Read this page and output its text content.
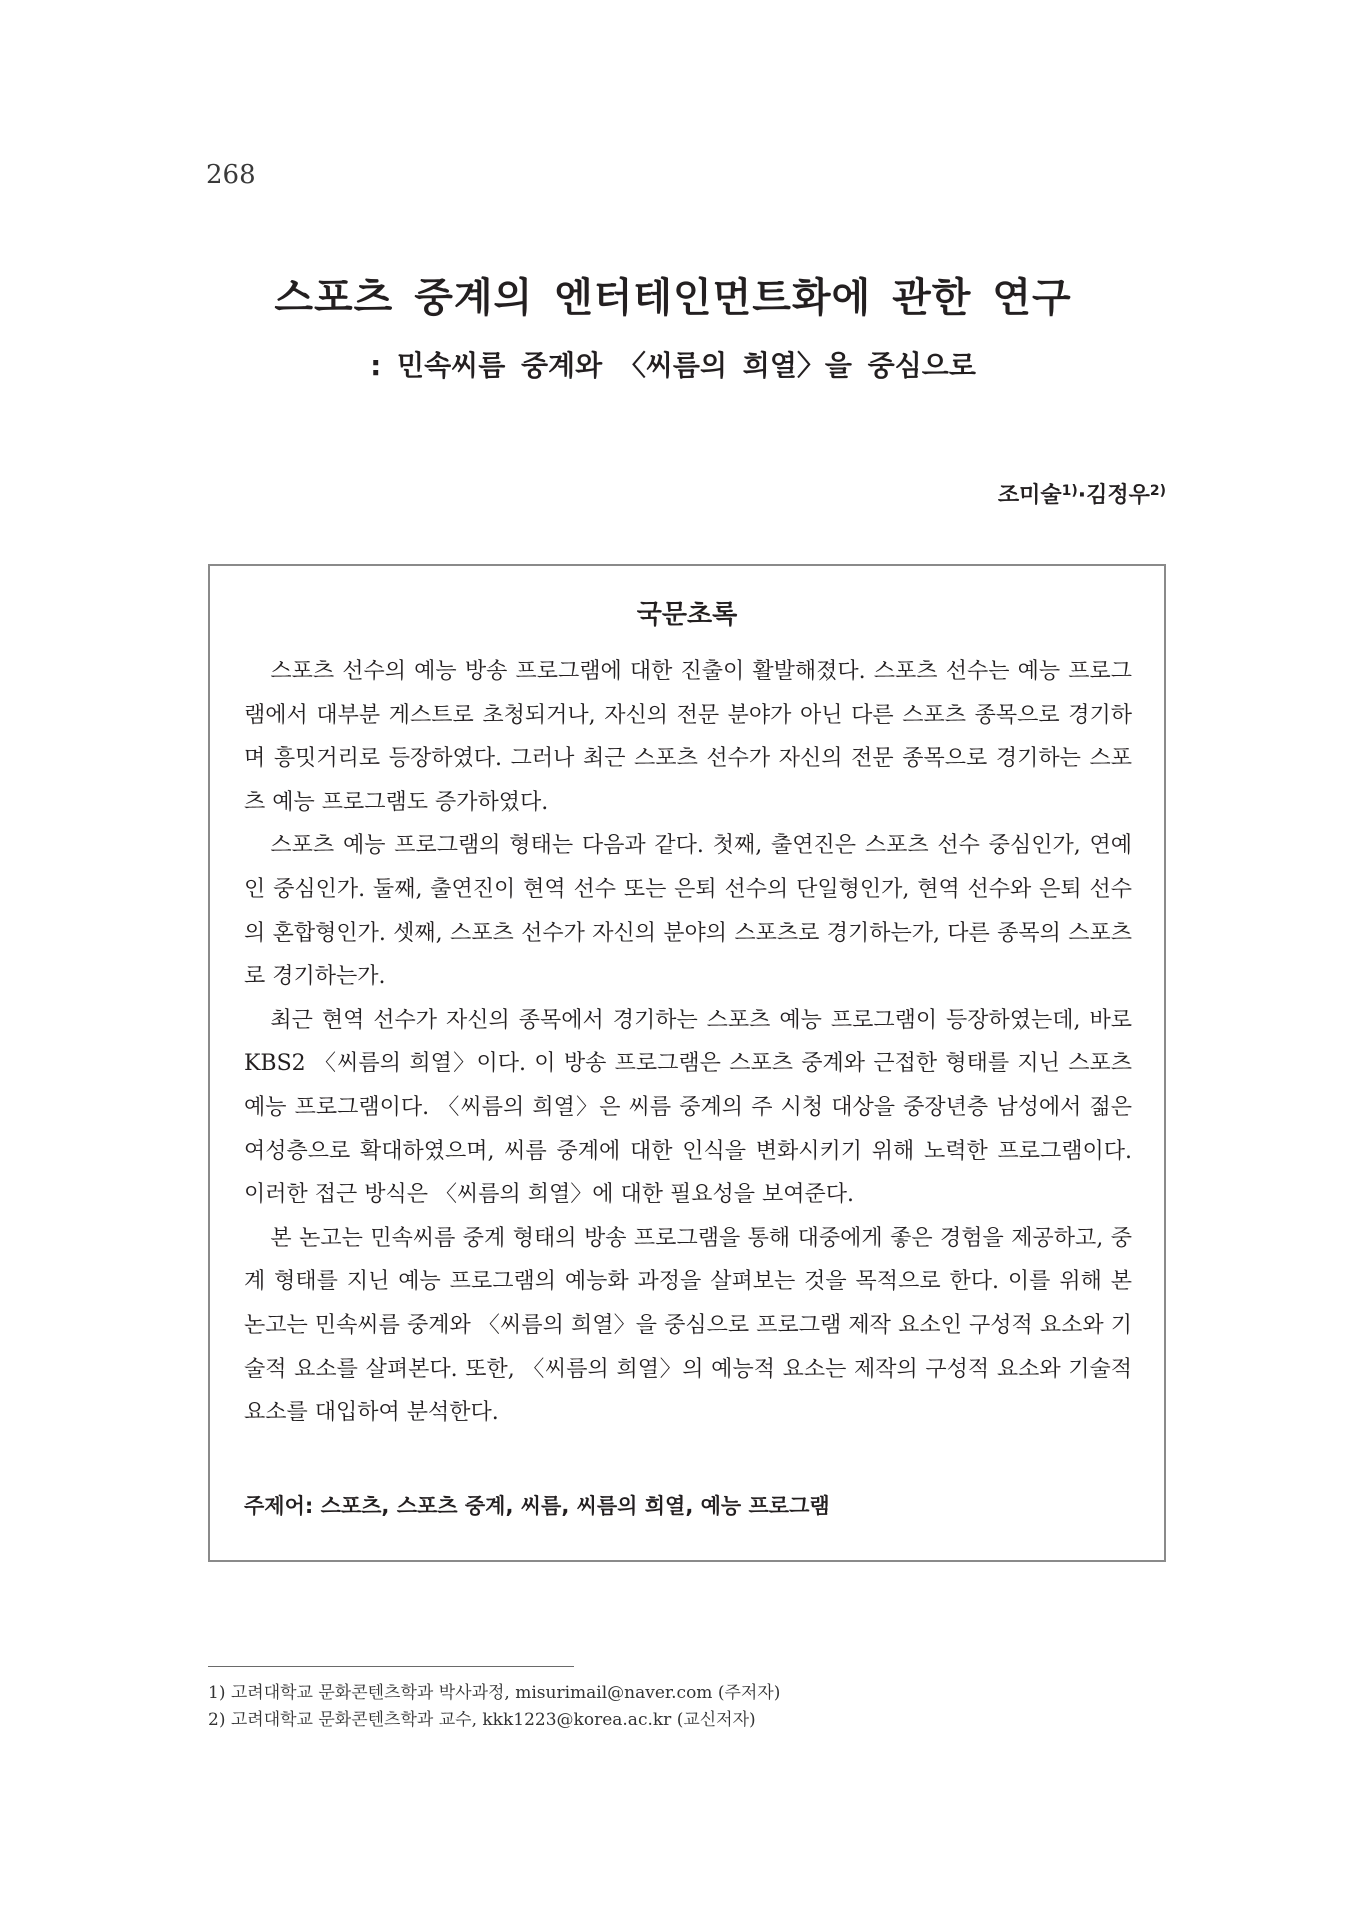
268
스포츠 중계의 엔터테인먼트화에 관한 연구
: 민속씨름 중계와 〈씨름의 희열〉을 중심으로
조미술$^{1)}$·김정우$^{2)}$
국문초록

스포츠 선수의 예능 방송 프로그램에 대한 진출이 활발해졌다. 스포츠 선수는 예능 프로그램에서 대부분 게스트로 초청되거나, 자신의 전문 분야가 아닌 다른 스포츠 종목으로 경기하며 흥밋거리로 등장하였다. 그러나 최근 스포츠 선수가 자신의 전문 종목으로 경기하는 스포츠 예능 프로그램도 증가하였다.

스포츠 예능 프로그램의 형태는 다음과 같다. 첫째, 출연진은 스포츠 선수 중심인가, 연예인 중심인가. 둘째, 출연진이 현역 선수 또는 은퇴 선수의 단일형인가, 현역 선수와 은퇴 선수의 혼합형인가. 셋째, 스포츠 선수가 자신의 분야의 스포츠로 경기하는가, 다른 종목의 스포츠로 경기하는가.

최근 현역 선수가 자신의 종목에서 경기하는 스포츠 예능 프로그램이 등장하였는데, 바로 KBS2 〈씨름의 희열〉이다. 이 방송 프로그램은 스포츠 중계와 근접한 형태를 지닌 스포츠 예능 프로그램이다. 〈씨름의 희열〉은 씨름 중계의 주 시청 대상을 중장년층 남성에서 젊은 여성층으로 확대하였으며, 씨름 중계에 대한 인식을 변화시키기 위해 노력한 프로그램이다. 이러한 접근 방식은 〈씨름의 희열〉에 대한 필요성을 보여준다.

본 논고는 민속씨름 중계 형태의 방송 프로그램을 통해 대중에게 좋은 경험을 제공하고, 중계 형태를 지닌 예능 프로그램의 예능화 과정을 살펴보는 것을 목적으로 한다. 이를 위해 본 논고는 민속씨름 중계와 〈씨름의 희열〉을 중심으로 프로그램 제작 요소인 구성적 요소와 기술적 요소를 살펴본다. 또한, 〈씨름의 희열〉의 예능적 요소는 제작의 구성적 요소와 기술적 요소를 대입하여 분석한다.

주제어: 스포츠, 스포츠 중계, 씨름, 씨름의 희열, 예능 프로그램

1) 고려대학교 문화콘텐츠학과 박사과정, misurimail@naver.com (주저자)

2) 고려대학교 문화콘텐츠학과 교수, kkk1223@korea.ac.kr (교신저자)
